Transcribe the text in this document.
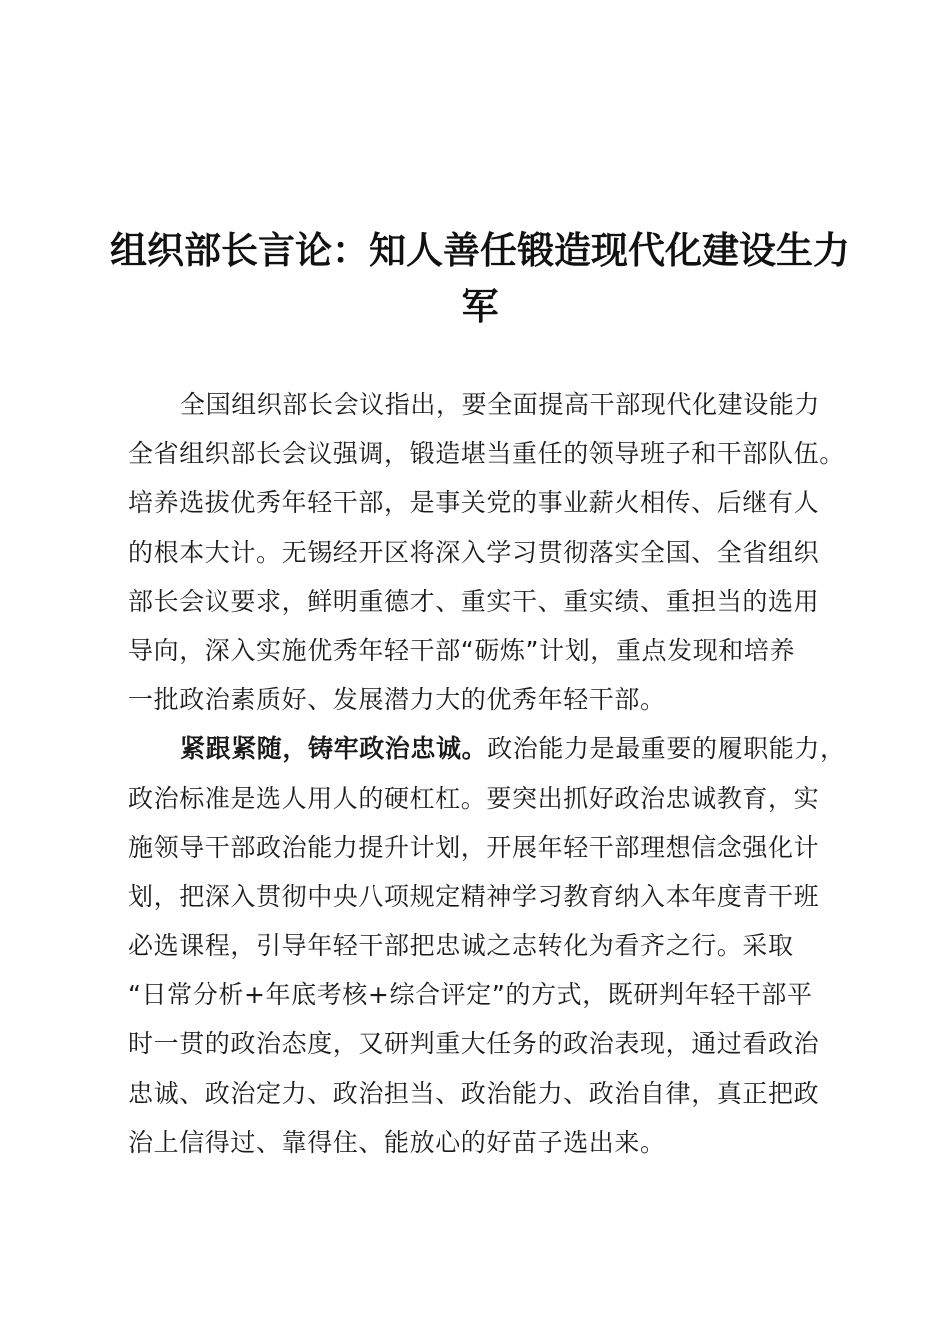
组织部长言论：知人善任锻造现代化建设生力
军
全国组织部长会议指出，要全面提高干部现代化建设能力
全省组织部长会议强调，锻造堪当重任的领导班子和干部队伍。
培养选拔优秀年轻干部，是事关党的事业薪火相传、后继有人
的根本大计。无锡经开区将深入学习贯彻落实全国、全省组织
部长会议要求，鲜明重德才、重实干、重实绩、重担当的选用
导向，深入实施优秀年轻干部“砺炼”计划，重点发现和培养
一批政治素质好、发展潜力大的优秀年轻干部。
紧跟紧随，铸牢政治忠诚。政治能力是最重要的履职能力，
政治标准是选人用人的硬杠杠。要突出抓好政治忠诚教育，实
施领导干部政治能力提升计划，开展年轻干部理想信念强化计
划，把深入贯彻中央八项规定精神学习教育纳入本年度青干班
必选课程，引导年轻干部把忠诚之志转化为看齐之行。采取
“日常分析+年底考核+综合评定”的方式，既研判年轻干部平
时一贯的政治态度，又研判重大任务的政治表现，通过看政治
忠诚、政治定力、政治担当、政治能力、政治自律，真正把政
治上信得过、靠得住、能放心的好苗子选出来。
